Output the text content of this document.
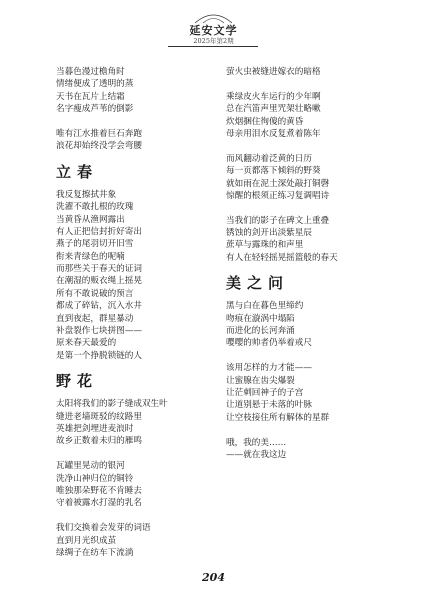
延安文学
2025年第2期
当暮色漫过檐角时
情绪便成了透明的蒸
天书在瓦片上结霜
名字瘦成芦苇的倒影
唯有江水推着巨石奔跑
浪花却始终没学会弯腰
立春
我反复擦拭井象
洗濯不敢扎根的玫瑰
当黄昏从渔网露出
有人正把信封折好寄出
燕子的尾羽切开旧雪
衔来青绿色的呢喃
而那些关于春天的证词
在潮湿的贩衣绳上摇晃
所有不敢说破的预言
都成了碎钻，沉入水井
直到夜起，群星暴动
补盘裂作七块拼图——
原来春天最爱的
是第一个挣脱锁链的人
野花
太阳将我们的影子缝成双生叶
缝进老墙斑驳的纹路里
英雄把剑埋进麦浪时
故乡正数着未归的雁鸣
瓦罐里晃动的银河
洗净山神归位的铜铃
唯独那朵野花不肯睡去
守着被露水打湿的乳名
我们交换着会发芽的词语
直到月光织成茧
绿绸子在纺车下流淌
萤火虫被缝进嫁衣的暗格
乘绿皮火车运行的少年啊
总在汽笛声里咒架壮略嗽
炊烟捆住徇傻的黄昏
母亲用泪水反复煮着陈年
而风翻动着泛黄的日历
每一页都落下倾斜的野葵
就如雨在泥土深处敲打铜磬
惊醒的根须正练习复调唱诗
当我们的影子在碑文上重叠
锈蚀的剑开出淡紫星辰
蔗草与露珠的和声里
有人在轻轻摇晃摇篮般的春天
美之问
黑与白在暮色里缔约
吻痕在漩涡中塌陷
而进化的长河奔涌
嘤嘤的帅者仍举着戒尺
该用怎样的力才能——
让蜜腺在齿尖爆裂
让茫刺回神子的子宫
让道别悬于未落的叶脉
让空枝接住所有解体的星群
哦，我的美……
——就在我这边
204
